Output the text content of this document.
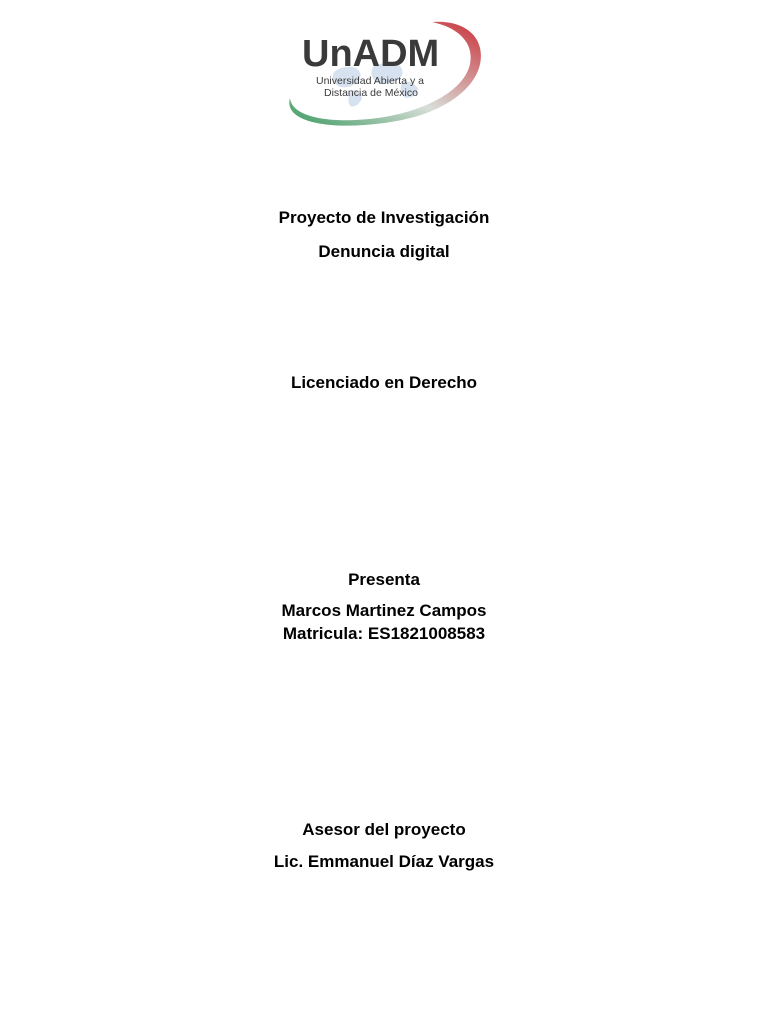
UnADM
Universidad Abierta y a
Distancia de México
Proyecto de Investigación
Denuncia digital
Licenciado en Derecho
Presenta
Marcos Martinez Campos
Matricula: ES1821008583
Asesor del proyecto
Lic. Emmanuel Díaz Vargas
